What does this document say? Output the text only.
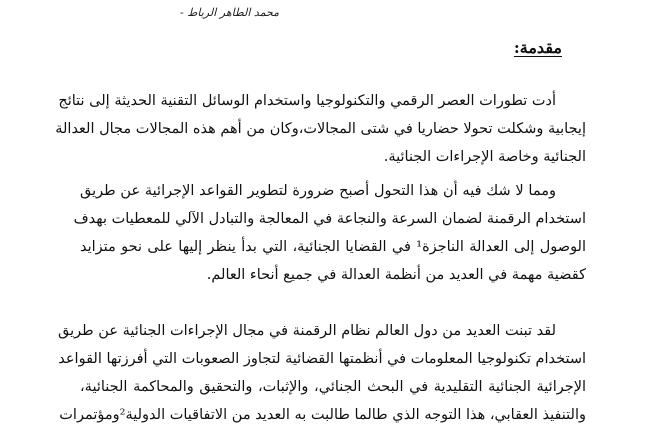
محمد الطاهر الرباط -
مقدمة:
أدت تطورات العصر الرقمي والتكنولوجيا واستخدام الوسائل التقنية الحديثة إلى نتائج
إيجابية وشكلت تحولا حضاريا في شتى المجالات،وكان من أهم هذه المجالات مجال العدالة
الجنائية وخاصة الإجراءات الجنائية.
ومما لا شك فيه أن هذا التحول أصبح ضرورة لتطوير القواعد الإجرائية عن طريق
استخدام الرقمنة لضمان السرعة والنجاعة في المعالجة والتبادل الآلي للمعطيات بهدف
الوصول إلى العدالة الناجزة¹ في القضايا الجنائية، التي بدأ ينظر إليها على نحو متزايد
كقضية مهمة في العديد من أنظمة العدالة في جميع أنحاء العالم.
لقد تبنت العديد من دول العالم نظام الرقمنة في مجال الإجراءات الجنائية عن طريق
استخدام تكنولوجيا المعلومات في أنظمتها القضائية لتجاوز الصعوبات التي أفرزتها القواعد
الإجرائية الجنائية التقليدية في البحث الجنائي، والإثبات، والتحقيق والمحاكمة الجنائية،
والتنفيذ العقابي، هذا التوجه الذي طالما طالبت به العديد من الاتفاقيات الدولية²ومؤتمرات
